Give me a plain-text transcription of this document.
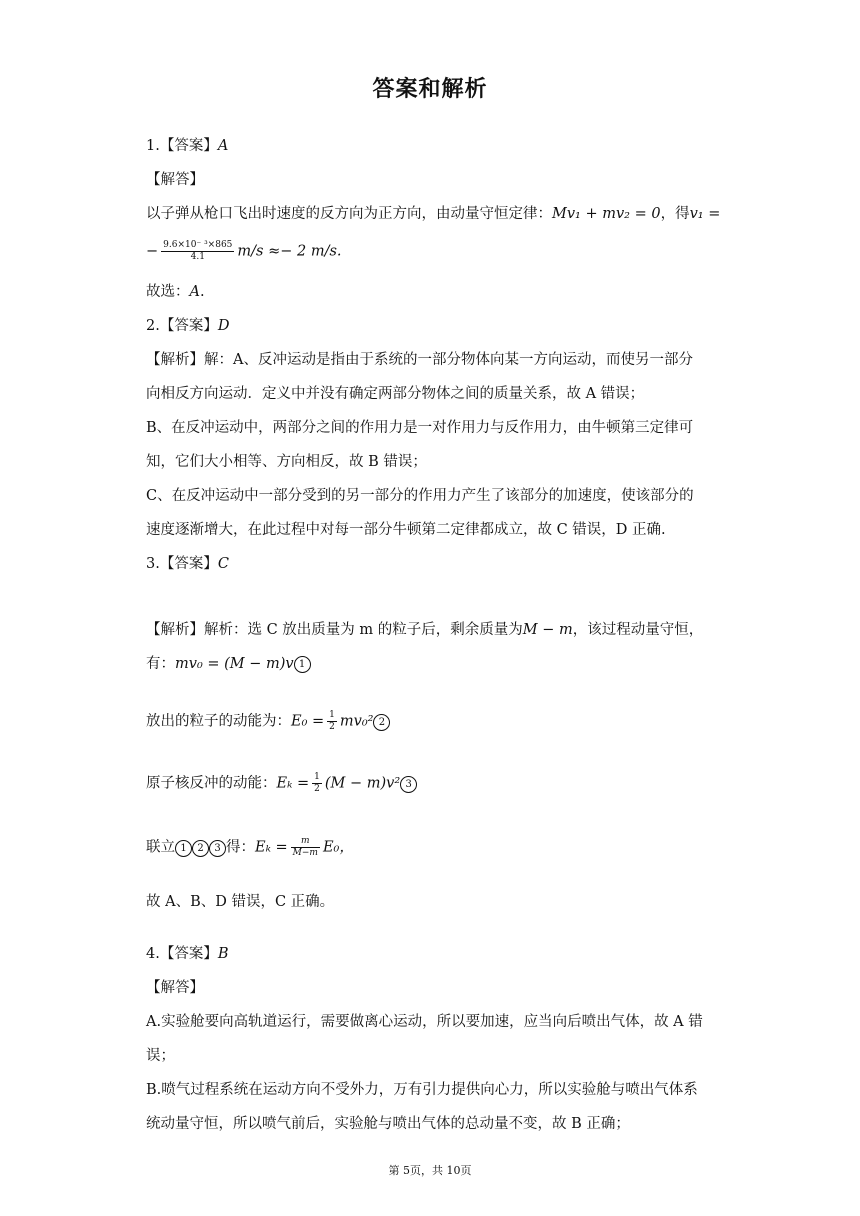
答案和解析
1.【答案】A
【解答】
以子弹从枪口飞出时速度的反方向为正方向，由动量守恒定律：Mv₁ + mv₂ = 0，得v₁ =
− $\frac{\text{9.6×10⁻ ³×865}}{4.1} m/s \approx- 2$ m/s.
故选：A.
2.【答案】D
【解析】解：A、反冲运动是指由于系统的一部分物体向某一方向运动，而使另一部分
向相反方向运动．定义中并没有确定两部分物体之间的质量关系，故 A 错误；
B、在反冲运动中，两部分之间的作用力是一对作用力与反作用力，由牛顿第三定律可
知，它们大小相等、方向相反，故 B 错误；
C、在反冲运动中一部分受到的另一部分的作用力产生了该部分的加速度，使该部分的
速度逐渐增大，在此过程中对每一部分牛顿第二定律都成立，故 C 错误，D 正确.
3.【答案】C
【解析】解析：选 C 放出质量为 m 的粒子后，剩余质量为M − m，该过程动量守恒，
有：mv₀ = (M − m)v 1
放出的粒子的动能为：$E_0 = \frac{1}{2} mv_0^2$ 2
原子核反冲的动能：$E_k = \frac{1}{2} (M - m)v^2$ 3
联立 1 2 3 得：$E_k = \frac{m}{M-m} E_0$，
故 A、B、D 错误，C 正确。
4.【答案】B
【解答】
A.实验舱要向高轨道运行，需要做离心运动，所以要加速，应当向后喷出气体，故 A 错
误；
B.喷气过程系统在运动方向不受外力，万有引力提供向心力，所以实验舱与喷出气体系
统动量守恒，所以喷气前后，实验舱与喷出气体的总动量不变，故 B 正确；
第 5页，共 10页
